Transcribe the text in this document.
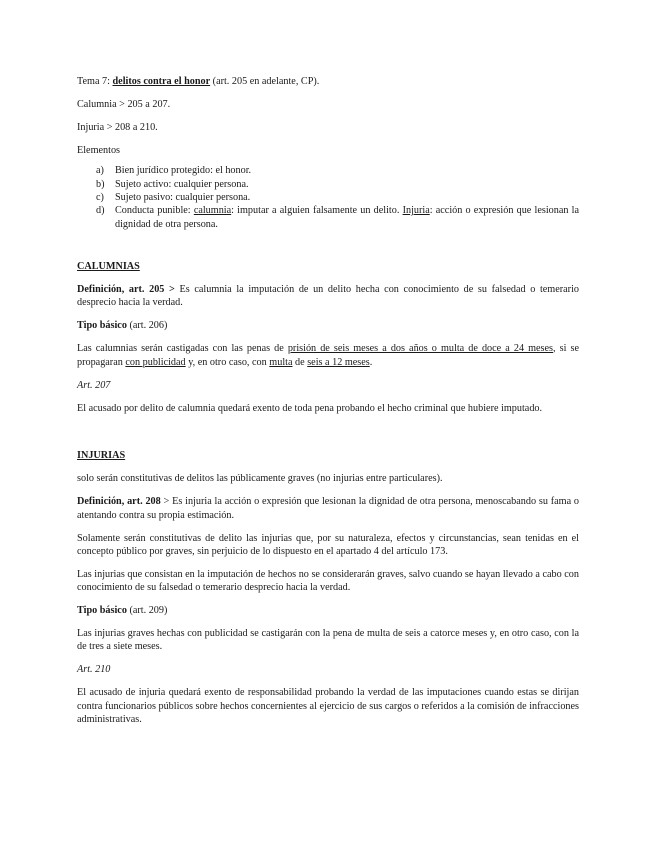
Tema 7: delitos contra el honor (art. 205 en adelante, CP).

Calumnia > 205 a 207.

Injuria > 208 a 210.

Elementos

a) Bien jurídico protegido: el honor.
b) Sujeto activo: cualquier persona.
c) Sujeto pasivo: cualquier persona.
d) Conducta punible: calumnia: imputar a alguien falsamente un delito. Injuria: acción o expresión que lesionan la dignidad de otra persona.
CALUMNIAS

Definición, art. 205 > Es calumnia la imputación de un delito hecha con conocimiento de su falsedad o temerario desprecio hacia la verdad.

Tipo básico (art. 206)

Las calumnias serán castigadas con las penas de prisión de seis meses a dos años o multa de doce a 24 meses, si se propagaran con publicidad y, en otro caso, con multa de seis a 12 meses.

Art. 207

El acusado por delito de calumnia quedará exento de toda pena probando el hecho criminal que hubiere imputado.

INJURIAS

solo serán constitutivas de delitos las públicamente graves (no injurias entre particulares).

Definición, art. 208 > Es injuria la acción o expresión que lesionan la dignidad de otra persona, menoscabando su fama o atentando contra su propia estimación.

Solamente serán constitutivas de delito las injurias que, por su naturaleza, efectos y circunstancias, sean tenidas en el concepto público por graves, sin perjuicio de lo dispuesto en el apartado 4 del artículo 173.

Las injurias que consistan en la imputación de hechos no se considerarán graves, salvo cuando se hayan llevado a cabo con conocimiento de su falsedad o temerario desprecio hacia la verdad.

Tipo básico (art. 209)

Las injurias graves hechas con publicidad se castigarán con la pena de multa de seis a catorce meses y, en otro caso, con la de tres a siete meses.

Art. 210

El acusado de injuria quedará exento de responsabilidad probando la verdad de las imputaciones cuando estas se dirijan contra funcionarios públicos sobre hechos concernientes al ejercicio de sus cargos o referidos a la comisión de infracciones administrativas.
